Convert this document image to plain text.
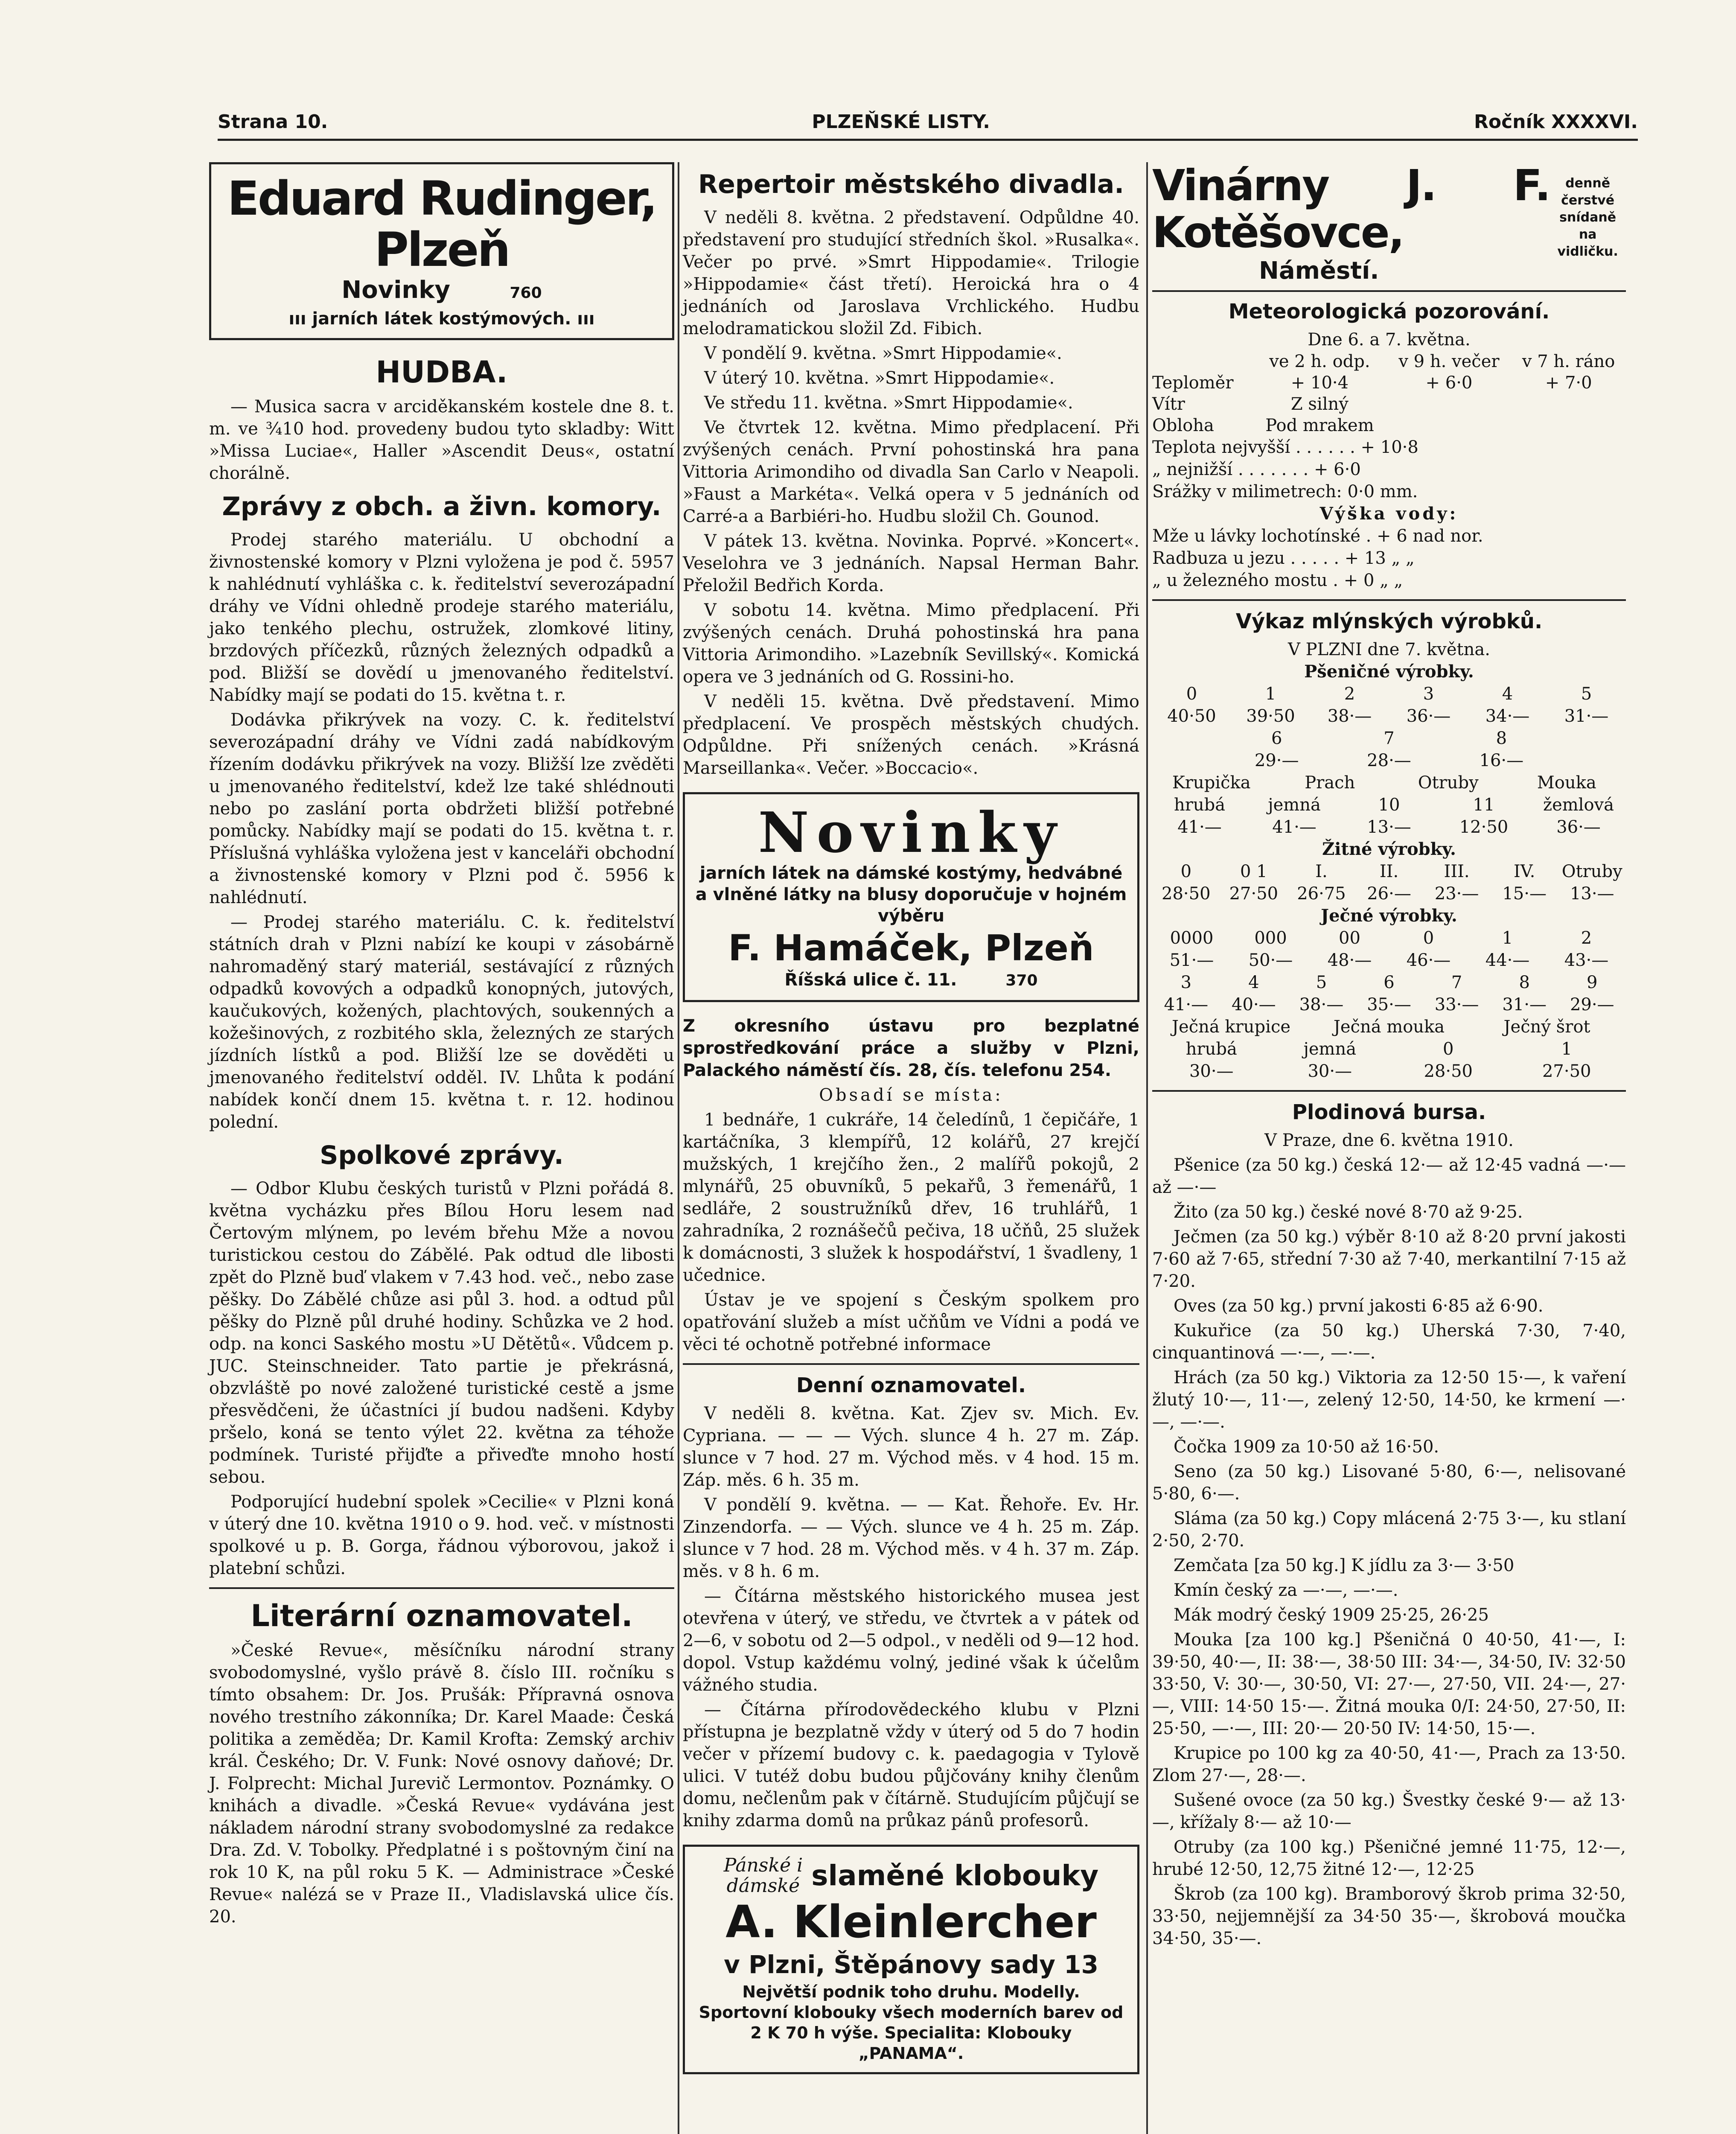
Strana 10.	PLZEŇSKÉ LISTY.	Ročník XXXXVI.
Eduard Rudinger, Plzeň
Novinky	760
ııı jarních látek kostýmových. ııı
HUDBA.

— Musica sacra v arciděkanském kostele dne 8. t. m. ve ¾10 hod. provedeny budou tyto skladby: Witt »Missa Luciae«, Haller »Ascendit Deus«, ostatní chorálně.

Zprávy z obch. a živn. komory.

Prodej starého materiálu. U obchodní a živnostenské komory v Plzni vyložena je pod č. 5957 k nahlédnutí vyhláška c. k. ředitelství severozápadní dráhy ve Vídni ohledně prodeje starého materiálu, jako tenkého plechu, ostružek, zlomkové litiny, brzdových příčezků, různých železných odpadků a pod. Bližší se dovědí u jmenovaného ředitelství. Nabídky mají se podati do 15. května t. r.

Dodávka přikrývek na vozy. C. k. ředitelství severozápadní dráhy ve Vídni zadá nabídkovým řízením dodávku přikrývek na vozy. Bližší lze zvěděti u jmenovaného ředitelství, kdež lze také shlédnouti nebo po zaslání porta obdržeti bližší potřebné pomůcky. Nabídky mají se podati do 15. května t. r. Příslušná vyhláška vyložena jest v kanceláři obchodní a živnostenské komory v Plzni pod č. 5956 k nahlédnutí.

— Prodej starého materiálu. C. k. ředitelství státních drah v Plzni nabízí ke koupi v zásobárně nahromaděný starý materiál, sestávající z různých odpadků kovových a odpadků konopných, jutových, kaučukových, kožených, plachtových, soukenných a kožešinových, z rozbitého skla, železných ze starých jízdních lístků a pod. Bližší lze se dověděti u jmenovaného ředitelství odděl. IV. Lhůta k podání nabídek končí dnem 15. května t. r. 12. hodinou polední.

Spolkové zprávy.

— Odbor Klubu českých turistů v Plzni pořádá 8. května vycházku přes Bílou Horu lesem nad Čertovým mlýnem, po levém břehu Mže a novou turistickou cestou do Zábělé. Pak odtud dle libosti zpět do Plzně buď vlakem v 7.43 hod. več., nebo zase pěšky. Do Zábělé chůze asi půl 3. hod. a odtud půl pěšky do Plzně půl druhé hodiny. Schůzka ve 2 hod. odp. na konci Saského mostu »U Dětětů«. Vůdcem p. JUC. Steinschneider. Tato partie je překrásná, obzvláště po nové založené turistické cestě a jsme přesvědčeni, že účastníci jí budou nadšeni. Kdyby pršelo, koná se tento výlet 22. května za téhože podmínek. Turisté přijďte a přiveďte mnoho hostí sebou.

Podporující hudební spolek »Cecilie« v Plzni koná v úterý dne 10. května 1910 o 9. hod. več. v místnosti spolkové u p. B. Gorga, řádnou výborovou, jakož i platební schůzi.

Literární oznamovatel.

»České Revue«, měsíčníku národní strany svobodomyslné, vyšlo právě 8. číslo III. ročníku s tímto obsahem: Dr. Jos. Prušák: Přípravná osnova nového trestního zákonníka; Dr. Karel Maade: Česká politika a zeměděa; Dr. Kamil Krofta: Zemský archiv král. Českého; Dr. V. Funk: Nové osnovy daňové; Dr. J. Folprecht: Michal Jurevič Lermontov. Poznámky. O knihách a divadle. »Česká Revue« vydávána jest nákladem národní strany svobodomyslné za redakce Dra. Zd. V. Tobolky. Předplatné i s poštovným činí na rok 10 K, na půl roku 5 K. — Administrace »České Revue« nalézá se v Praze II., Vladislavská ulice čís. 20.

Repertoir městského divadla.

V neděli 8. května. 2 představení. Odpůldne 40. představení pro studující středních škol. »Rusalka«. Večer po prvé. »Smrt Hippodamie«. Trilogie »Hippodamie« část třetí). Heroická hra o 4 jednáních od Jaroslava Vrchlického. Hudbu melodramatickou složil Zd. Fibich.

V pondělí 9. května. »Smrt Hippodamie«.

V úterý 10. května. »Smrt Hippodamie«.

Ve středu 11. května. »Smrt Hippodamie«.

Ve čtvrtek 12. května. Mimo předplacení. Při zvýšených cenách. První pohostinská hra pana Vittoria Arimondiho od divadla San Carlo v Neapoli. »Faust a Markéta«. Velká opera v 5 jednáních od Carré-a a Barbiéri-ho. Hudbu složil Ch. Gounod.

V pátek 13. května. Novinka. Poprvé. »Koncert«. Veselohra ve 3 jednáních. Napsal Herman Bahr. Přeložil Bedřich Korda.

V sobotu 14. května. Mimo předplacení. Při zvýšených cenách. Druhá pohostinská hra pana Vittoria Arimondiho. »Lazebník Sevillský«. Komická opera ve 3 jednáních od G. Rossini-ho.

V neděli 15. května. Dvě představení. Mimo předplacení. Ve prospěch městských chudých. Odpůldne. Při snížených cenách. »Krásná Marseillanka«. Večer. »Boccacio«.

Novinky
jarních látek na dámské kostýmy, hedvábné a vlněné látky na blusy doporučuje v hojném výběru
F. Hamáček, Plzeň
Říšská ulice č. 11.	370

Z okresního ústavu pro bezplatné sprostředkování práce a služby v Plzni, Palackého náměstí čís. 28, čís. telefonu 254.

Obsadí se místa:

1 bednáře, 1 cukráře, 14 čeledínů, 1 čepičáře, 1 kartáčníka, 3 klempířů, 12 kolářů, 27 krejčí mužských, 1 krejčího žen., 2 malířů pokojů, 2 mlynářů, 25 obuvníků, 5 pekařů, 3 řemenářů, 1 sedláře, 2 soustružníků dřev, 16 truhlářů, 1 zahradníka, 2 roznášečů pečiva, 18 učňů, 25 služek k domácnosti, 3 služek k hospodářství, 1 švadleny, 1 učednice.

Ústav je ve spojení s Českým spolkem pro opatřování služeb a míst učňům ve Vídni a podá ve věci té ochotně potřebné informace

Denní oznamovatel.

V neděli 8. května. Kat. Zjev sv. Mich. Ev. Cypriana. — — — Vých. slunce 4 h. 27 m. Záp. slunce v 7 hod. 27 m. Východ měs. v 4 hod. 15 m. Záp. měs. 6 h. 35 m.

V pondělí 9. května. — — Kat. Řehoře. Ev. Hr. Zinzendorfa. — — Vých. slunce ve 4 h. 25 m. Záp. slunce v 7 hod. 28 m. Východ měs. v 4 h. 37 m. Záp. měs. v 8 h. 6 m.

— Čítárna městského historického musea jest otevřena v úterý, ve středu, ve čtvrtek a v pátek od 2—6, v sobotu od 2—5 odpol., v neděli od 9—12 hod. dopol. Vstup každému volný, jediné však k účelům vážného studia.

— Čítárna přírodovědeckého klubu v Plzni přístupna je bezplatně vždy v úterý od 5 do 7 hodin večer v přízemí budovy c. k. paedagogia v Tylově ulici. V tutéž dobu budou půjčovány knihy členům domu, nečlenům pak v čítárně. Studujícím půjčují se knihy zdarma domů na průkaz pánů profesorů.

Pánské i
dámské slaměné klobouky
A. Kleinlercher
v Plzni, Štěpánovy sady 13
Největší podnik toho druhu. Modelly. Sportovní klobouky všech moderních barev od 2 K 70 h výše. Specialita: Klobouky „PANAMA“.
Vinárny J. F. Kotěšovce,
Náměstí.
denně čerstvé
snídaně
na vidličku.
Meteorologická pozorování.
Dne 6. a 7. května.
	ve 2 h. odp.	v 9 h. večer	v 7 h. ráno
Teploměr	+ 10·4	+ 6·0	+ 7·0
Vítr	Z silný		
Obloha	Pod mrakem		
Teplota nejvyšší . . . . . . + 10·8
„ nejnižší . . . . . . . + 6·0
Srážky v milimetrech: 0·0 mm.
Výška vody:
Mže u lávky lochotínské . + 6 nad nor.
Radbuza u jezu . . . . . + 13 „ „
„ u železného mostu . + 0 „ „
Výkaz mlýnských výrobků.
V PLZNI dne 7. května.
Pšeničné výrobky.
0	1	2	3	4	5
40·50	39·50	38·—	36·—	34·—	31·—
6	7	8
29·—	28·—	16·—
Krupička	Prach	Otruby	Mouka
hrubá	jemná	10	11	žemlová
41·—	41·—	13·—	12·50	36·—
Žitné výrobky.
0	0 1	I.	II.	III.	IV.	Otruby
28·50	27·50	26·75	26·—	23·—	15·—	13·—
Ječné výrobky.
0000	000	00	0	1	2
51·—	50·—	48·—	46·—	44·—	43·—
3	4	5	6	7	8	9
41·—	40·—	38·—	35·—	33·—	31·—	29·—
Ječná krupice	Ječná mouka	Ječný šrot
hrubá	jemná	0	1
30·—	30·—	28·50	27·50
Plodinová bursa.
V Praze, dne 6. května 1910.

Pšenice (za 50 kg.) česká 12·— až 12·45 vadná —·— až —·—

Žito (za 50 kg.) české nové 8·70 až 9·25.

Ječmen (za 50 kg.) výběr 8·10 až 8·20 první jakosti 7·60 až 7·65, střední 7·30 až 7·40, merkantilní 7·15 až 7·20.

Oves (za 50 kg.) první jakosti 6·85 až 6·90.

Kukuřice (za 50 kg.) Uherská 7·30, 7·40, cinquantinová —·—, —·—.

Hrách (za 50 kg.) Viktoria za 12·50 15·—, k vaření žlutý 10·—, 11·—, zelený 12·50, 14·50, ke krmení —·—, —·—.

Čočka 1909 za 10·50 až 16·50.

Seno (za 50 kg.) Lisované 5·80, 6·—, nelisované 5·80, 6·—.

Sláma (za 50 kg.) Copy mlácená 2·75 3·—, ku stlaní 2·50, 2·70.

Zemčata [za 50 kg.] K jídlu za 3·— 3·50

Kmín český za —·—, —·—.

Mák modrý český 1909 25·25, 26·25

Mouka [za 100 kg.] Pšeničná 0 40·50, 41·—, I: 39·50, 40·—, II: 38·—, 38·50 III: 34·—, 34·50, IV: 32·50 33·50, V: 30·—, 30·50, VI: 27·—, 27·50, VII. 24·—, 27·—, VIII: 14·50 15·—. Žitná mouka 0/I: 24·50, 27·50, II: 25·50, —·—, III: 20·— 20·50 IV: 14·50, 15·—.

Krupice po 100 kg za 40·50, 41·—, Prach za 13·50. Zlom 27·—, 28·—.

Sušené ovoce (za 50 kg.) Švestky české 9·— až 13·—, křížaly 8·— až 10·—

Otruby (za 100 kg.) Pšeničné jemné 11·75, 12·—, hrubé 12·50, 12,75 žitné 12·—, 12·25

Škrob (za 100 kg). Bramborový škrob prima 32·50, 33·50, nejjemnější za 34·50 35·—, škrobová moučka 34·50, 35·—.
